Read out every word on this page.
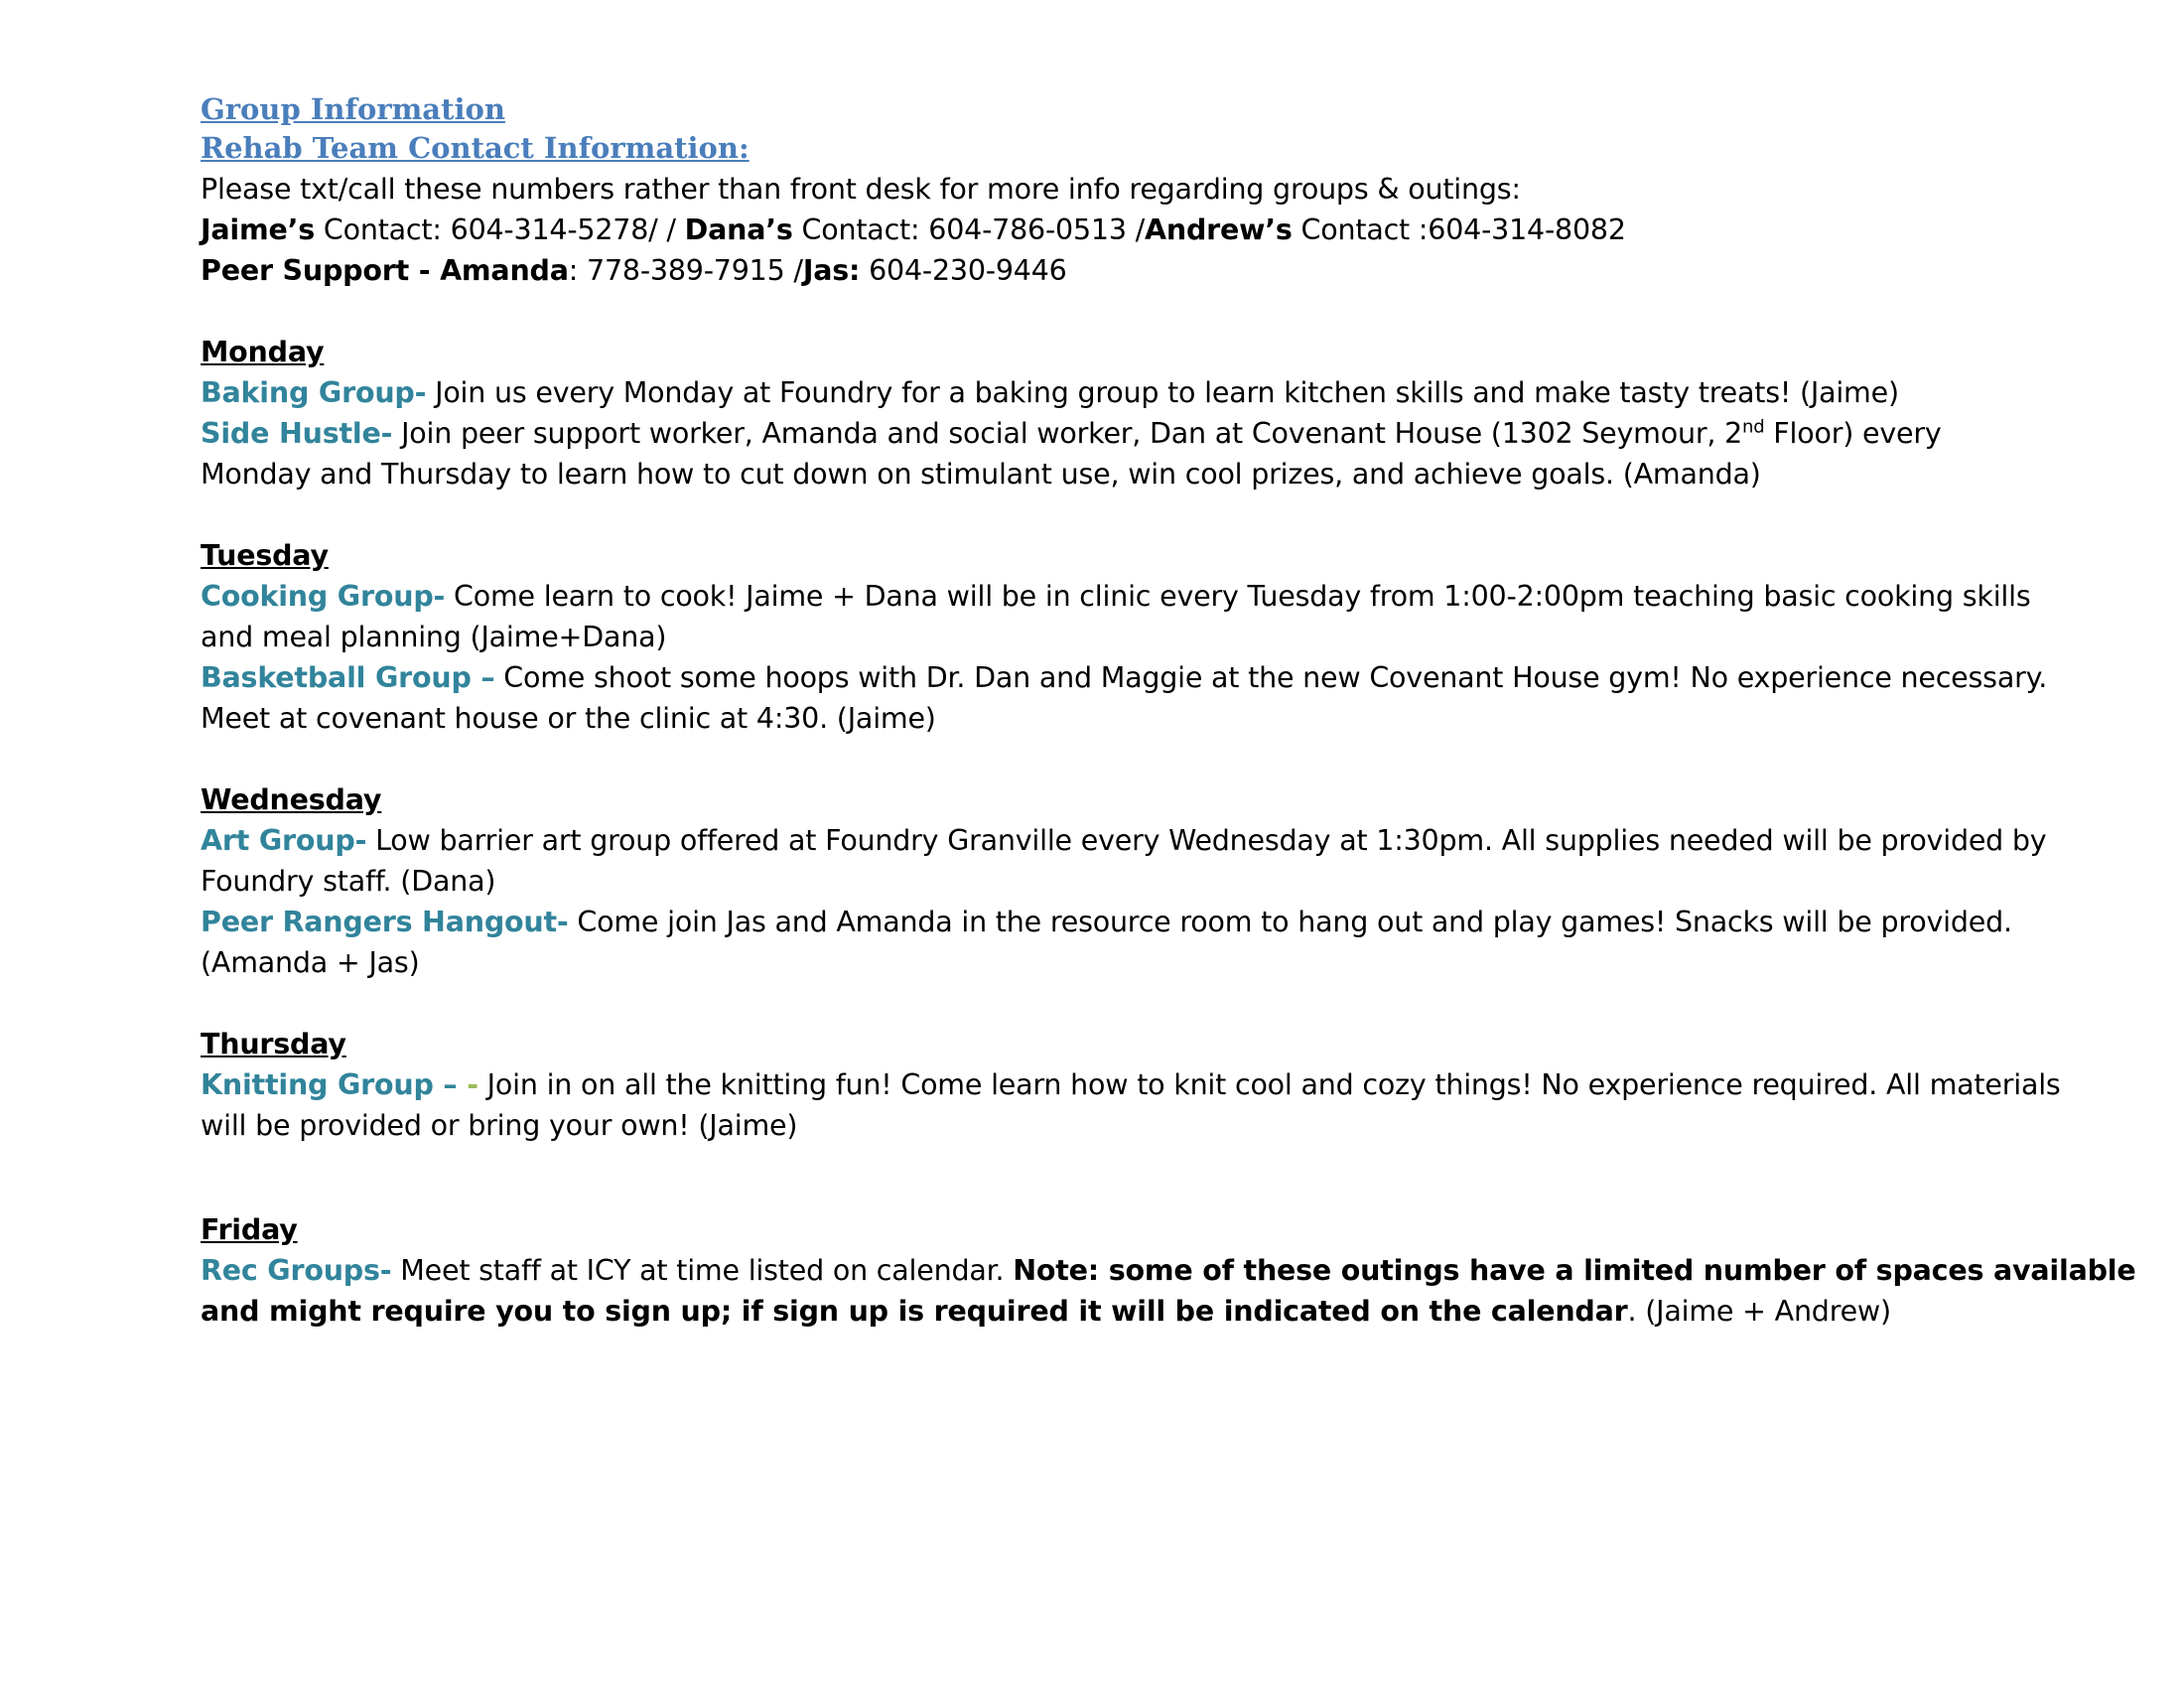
Group Information
Rehab Team Contact Information:
Please txt/call these numbers rather than front desk for more info regarding groups & outings:
Jaime’s Contact: 604-314-5278/ / Dana’s Contact: 604-786-0513 /Andrew’s Contact :604-314-8082
Peer Support - Amanda: 778-389-7915 /Jas: 604-230-9446
Monday
Baking Group- Join us every Monday at Foundry for a baking group to learn kitchen skills and make tasty treats! (Jaime)
Side Hustle- Join peer support worker, Amanda and social worker, Dan at Covenant House (1302 Seymour, 2nd Floor) every
Monday and Thursday to learn how to cut down on stimulant use, win cool prizes, and achieve goals. (Amanda)
Tuesday
Cooking Group- Come learn to cook! Jaime + Dana will be in clinic every Tuesday from 1:00-2:00pm teaching basic cooking skills
and meal planning (Jaime+Dana)
Basketball Group – Come shoot some hoops with Dr. Dan and Maggie at the new Covenant House gym! No experience necessary.
Meet at covenant house or the clinic at 4:30. (Jaime)
Wednesday
Art Group- Low barrier art group offered at Foundry Granville every Wednesday at 1:30pm. All supplies needed will be provided by
Foundry staff. (Dana)
Peer Rangers Hangout- Come join Jas and Amanda in the resource room to hang out and play games! Snacks will be provided.
(Amanda + Jas)
Thursday
Knitting Group – - Join in on all the knitting fun! Come learn how to knit cool and cozy things! No experience required. All materials
will be provided or bring your own! (Jaime)
Friday
Rec Groups- Meet staff at ICY at time listed on calendar. Note: some of these outings have a limited number of spaces available
and might require you to sign up; if sign up is required it will be indicated on the calendar. (Jaime + Andrew)
